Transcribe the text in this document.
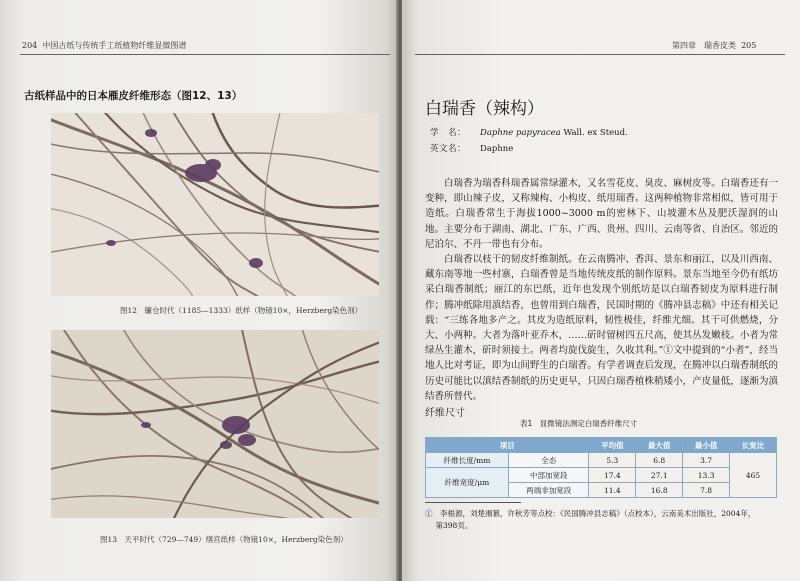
204 中国古纸与传统手工纸植物纤维显微图谱
古纸样品中的日本雁皮纤维形态（图12、13）
图12　镰仓时代（1185—1333）纸样（物镜10×，Herzberg染色剂）
图13　天平时代（729—749）缮宫纸样（物镜10×，Herzberg染色剂）
第四章　瑞香皮类 205
白瑞香（辣构）
学　名： Daphne papyracea Wall. ex Steud.
英文名： Daphne

白瑞香为瑞香科瑞香属常绿灌木，又名雪花皮、臭皮、麻树皮等。白瑞香还有一变种，即山辣子皮，又称辣构、小构皮、纸用瑞香。这两种植物非常相似，皆可用于造纸。白瑞香常生于海拔1000~3000 m的密林下、山坡灌木丛及肥沃湿润的山地。主要分布于湖南、湖北、广东、广西、贵州、四川、云南等省、自治区。邻近的尼泊尔、不丹一带也有分布。

白瑞香以枝干的韧皮纤维制纸。在云南腾冲、香洱、景东和丽江，以及川西南、藏东南等地一些村寨，白瑞香曾是当地传统皮纸的制作原料。景东当地至今仍有纸坊采白瑞香制纸；丽江的东巴纸，近年也发现个别纸坊是以白瑞香韧皮为原料进行制作；腾冲纸除用滇结香，也曾用到白瑞香，民国时期的《腾冲县志稿》中还有相关记载：“三练各地多产之。其皮为造纸原料，韧性极佳，纤维尤细。其干可供燃烧，分大、小两种。大者为落叶亚乔木，……斫时留树四五尺高，使其丛发嫩枝。小者为常绿丛生灌木，斫时须接土。两者均旋伐旋生，久收其利。”①文中提到的“小者”，经当地人比对考证，即为山间野生的白瑞香。有学者调查后发现，在腾冲以白瑞香制纸的历史可能比以滇结香制纸的历史更早，只因白瑞香植株稍矮小，产皮量低，逐渐为滇结香所替代。

纤维尺寸
表1　显微镜法测定白瑞香纤维尺寸
项目		平均值	最大值	最小值	长宽比
纤维长度/mm	全态	5.3	6.8	3.7	465
纤维宽度/μm	中部加宽段	17.4	27.1	13.3	
	两端非加宽段	11.4	16.8	7.8	
①　李根源，刘楚湘篡，许秋芳等点校：《民国腾冲县志稿》（点校本），云南美术出版社，2004年，
第398页。
